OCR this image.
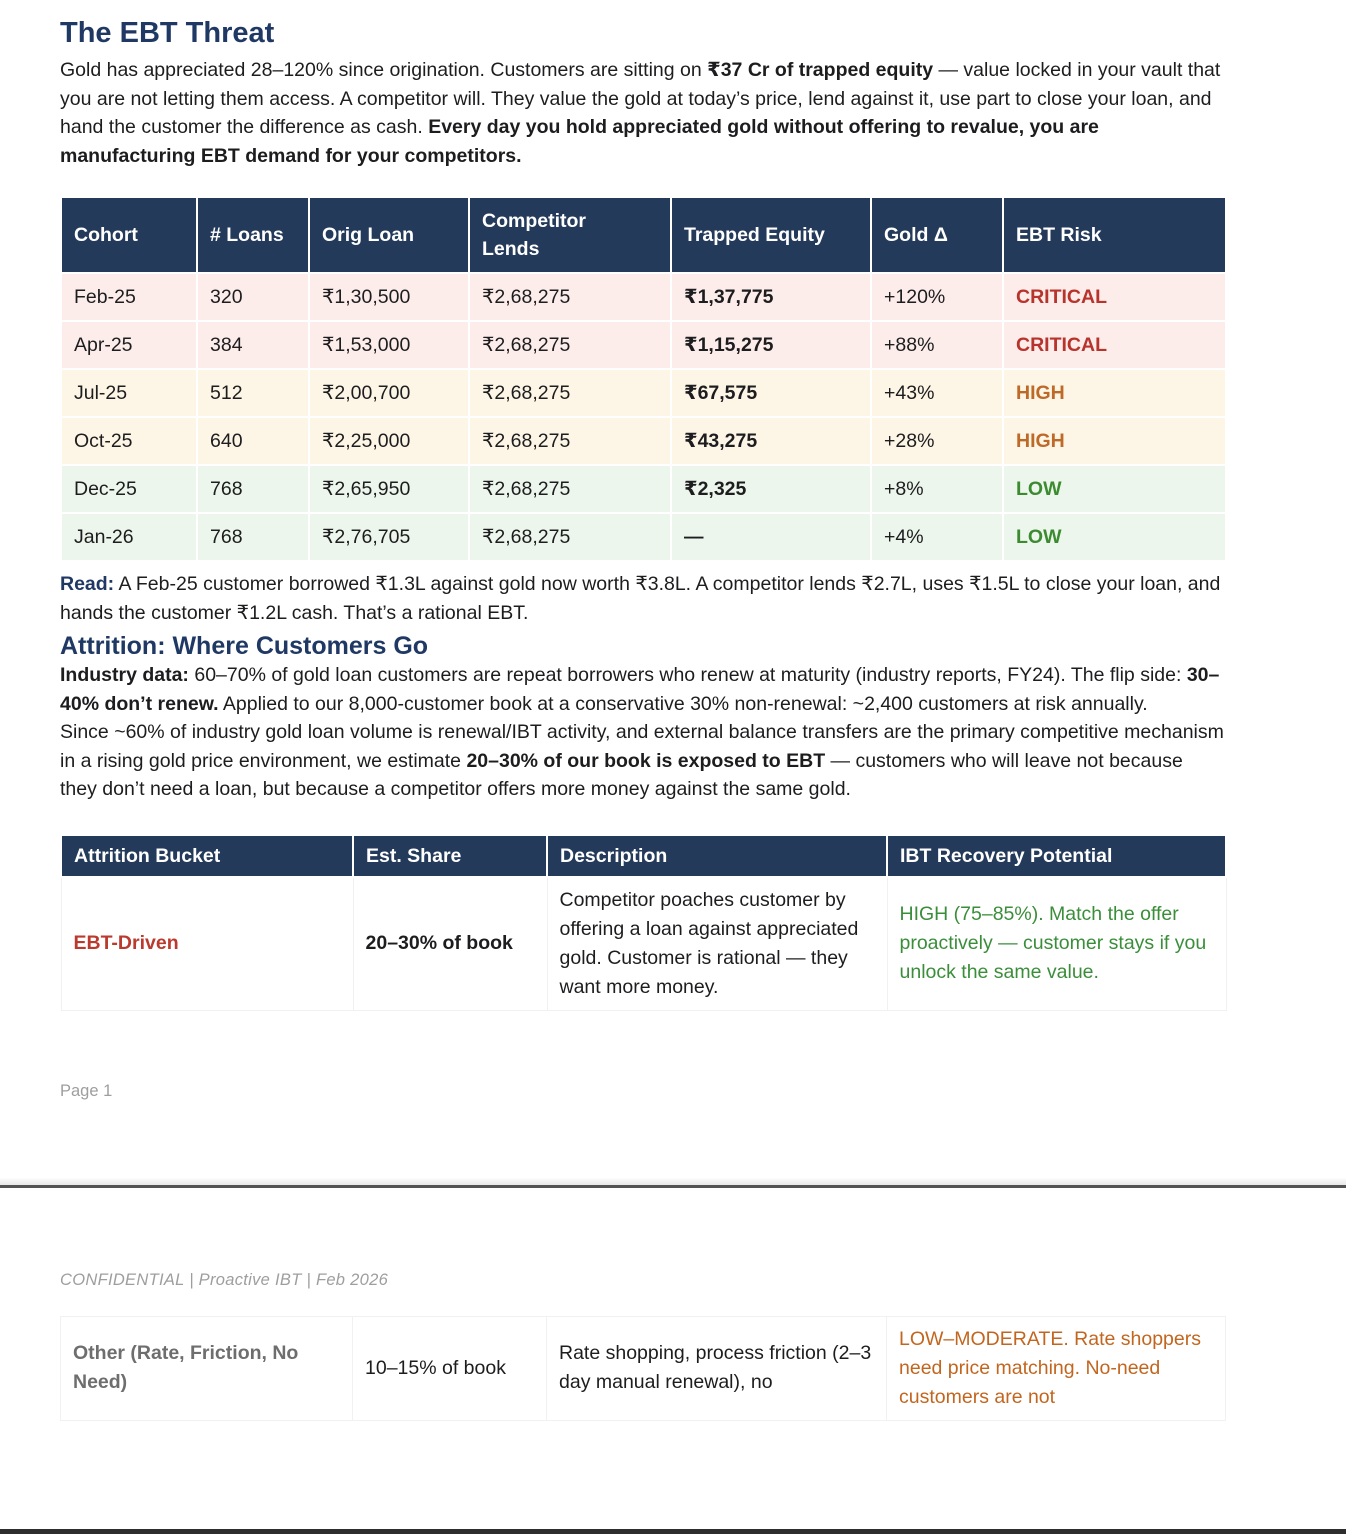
The EBT Threat

Gold has appreciated 28–120% since origination. Customers are sitting on ₹37 Cr of trapped equity — value locked in your vault that you are not letting them access. A competitor will. They value the gold at today’s price, lend against it, use part to close your loan, and hand the customer the difference as cash. Every day you hold appreciated gold without offering to revalue, you are manufacturing EBT demand for your competitors.

Cohort	# Loans	Orig Loan	Competitor Lends	Trapped Equity	Gold Δ	EBT Risk
Feb-25	320	₹1,30,500	₹2,68,275	₹1,37,775	+120%	CRITICAL
Apr-25	384	₹1,53,000	₹2,68,275	₹1,15,275	+88%	CRITICAL
Jul-25	512	₹2,00,700	₹2,68,275	₹67,575	+43%	HIGH
Oct-25	640	₹2,25,000	₹2,68,275	₹43,275	+28%	HIGH
Dec-25	768	₹2,65,950	₹2,68,275	₹2,325	+8%	LOW
Jan-26	768	₹2,76,705	₹2,68,275	—	+4%	LOW

Read: A Feb-25 customer borrowed ₹1.3L against gold now worth ₹3.8L. A competitor lends ₹2.7L, uses ₹1.5L to close your loan, and hands the customer ₹1.2L cash. That’s a rational EBT.

Attrition: Where Customers Go

Industry data: 60–70% of gold loan customers are repeat borrowers who renew at maturity (industry reports, FY24). The flip side: 30–40% don’t renew. Applied to our 8,000-customer book at a conservative 30% non-renewal: ~2,400 customers at risk annually.

Since ~60% of industry gold loan volume is renewal/IBT activity, and external balance transfers are the primary competitive mechanism in a rising gold price environment, we estimate 20–30% of our book is exposed to EBT — customers who will leave not because they don’t need a loan, but because a competitor offers more money against the same gold.

Attrition Bucket	Est. Share	Description	IBT Recovery Potential
EBT-Driven	20–30% of book	Competitor poaches customer by offering a loan against appreciated gold. Customer is rational — they want more money.	HIGH (75–85%). Match the offer proactively — customer stays if you unlock the same value.
Page 1
CONFIDENTIAL | Proactive IBT | Feb 2026
Other (Rate, Friction, No Need)	10–15% of book	Rate shopping, process friction (2–3 day manual renewal), no	LOW–MODERATE. Rate shoppers need price matching. No-need customers are not
